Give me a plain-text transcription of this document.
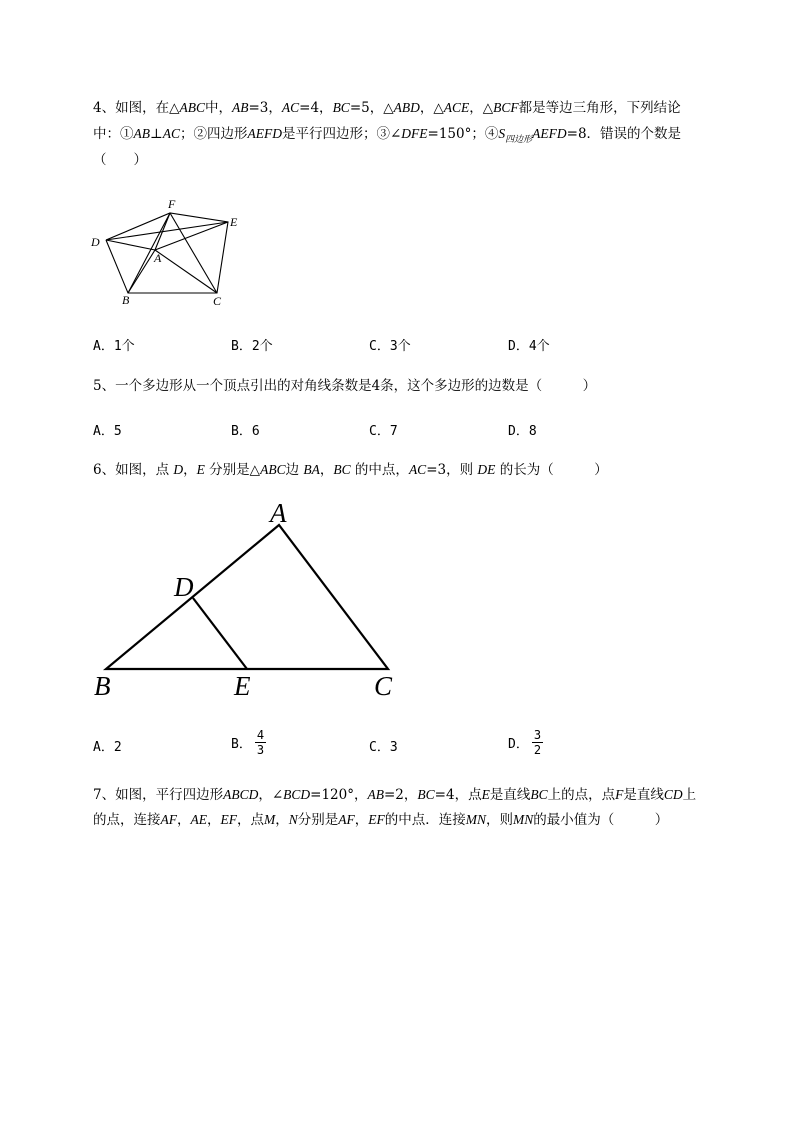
4、如图，在△ABC中，AB=3，AC=4，BC=5，△ABD，△ACE，△BCF都是等边三角形，下列结论
中：①AB⊥AC；②四边形AEFD是平行四边形；③∠DFE=150°；$④S_{四边形}AEFD=8$．错误的个数是
（　　）
D
F
E
A
B	C
A．1个	B．2个	C．3个	D．4个
5、一个多边形从一个顶点引出的对角线条数是4条，这个多边形的边数是（　　　）
A．5	B．6	C．7	D．8
6、如图，点 D，E 分别是△ABC边 BA，BC 的中点，AC=3，则 DE 的长为（　　　）
A
D
B	E	C
A．2	B． $\frac{4}{3}$	C．3	D． $\frac{3}{2}$
7、如图，平行四边形ABCD，∠BCD=120°，AB=2，BC=4，点E是直线BC上的点，点F是直线CD上
的点，连接AF，AE，EF，点M，N分别是AF，EF的中点．连接MN，则MN的最小值为（　　　）
